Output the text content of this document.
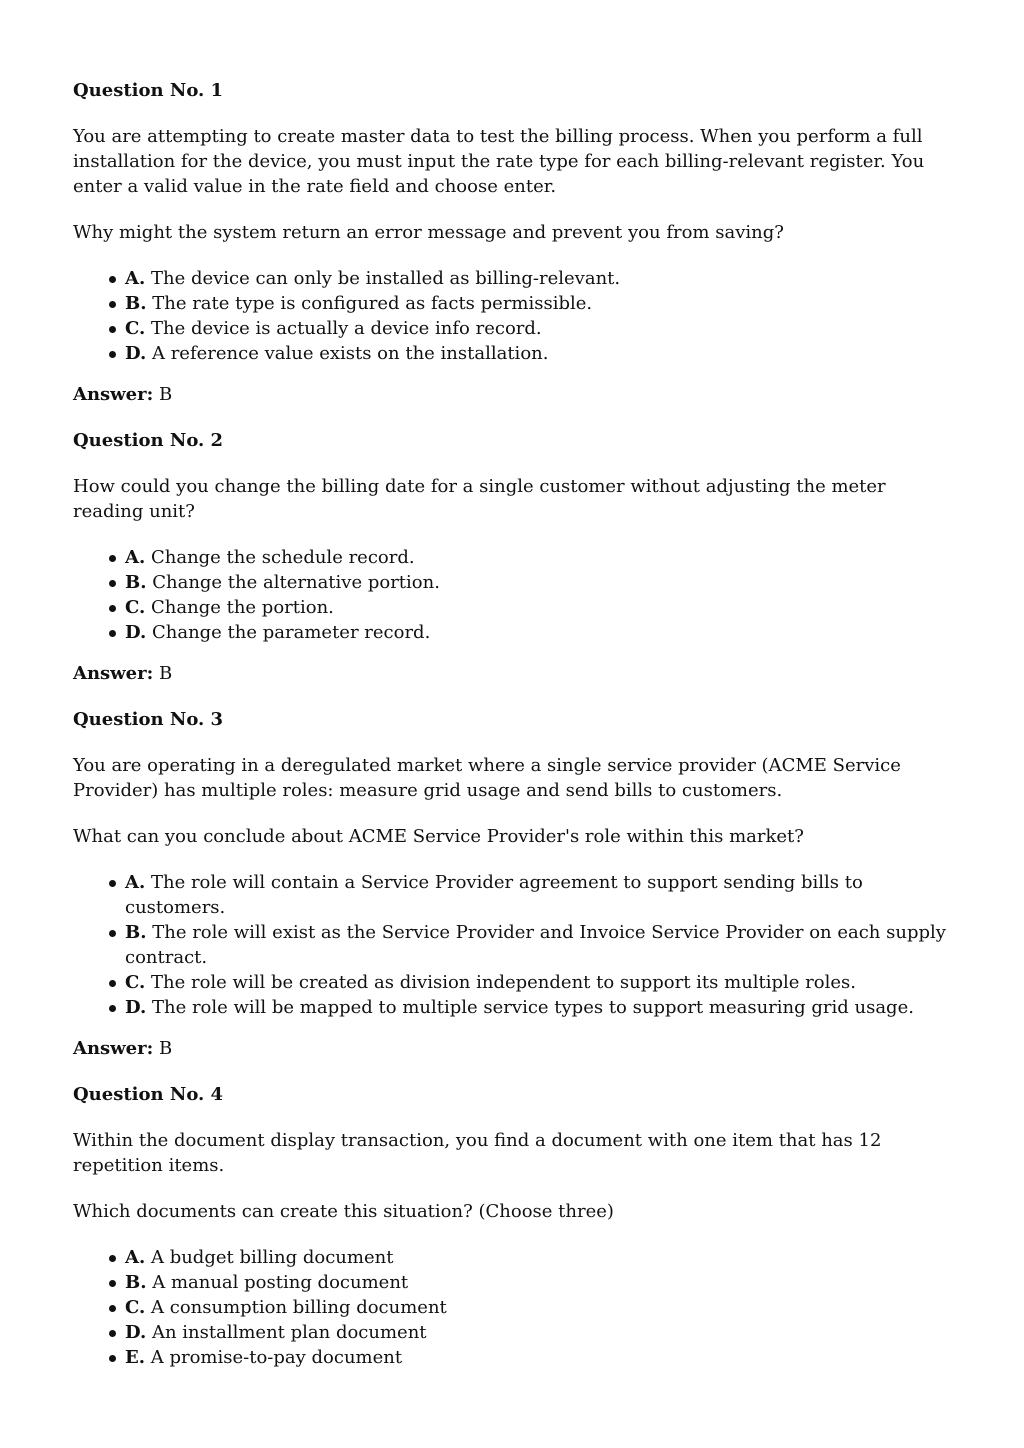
Question No. 1
You are attempting to create master data to test the billing process. When you perform a full installation for the device, you must input the rate type for each billing-relevant register. You enter a valid value in the rate field and choose enter.
Why might the system return an error message and prevent you from saving?
A. The device can only be installed as billing-relevant.
B. The rate type is configured as facts permissible.
C. The device is actually a device info record.
D. A reference value exists on the installation.
Answer: B
Question No. 2
How could you change the billing date for a single customer without adjusting the meter reading unit?
A. Change the schedule record.
B. Change the alternative portion.
C. Change the portion.
D. Change the parameter record.
Answer: B
Question No. 3
You are operating in a deregulated market where a single service provider (ACME Service Provider) has multiple roles: measure grid usage and send bills to customers.
What can you conclude about ACME Service Provider's role within this market?
A. The role will contain a Service Provider agreement to support sending bills to customers.
B. The role will exist as the Service Provider and Invoice Service Provider on each supply contract.
C. The role will be created as division independent to support its multiple roles.
D. The role will be mapped to multiple service types to support measuring grid usage.
Answer: B
Question No. 4
Within the document display transaction, you find a document with one item that has 12 repetition items.
Which documents can create this situation? (Choose three)
A. A budget billing document
B. A manual posting document
C. A consumption billing document
D. An installment plan document
E. A promise-to-pay document
